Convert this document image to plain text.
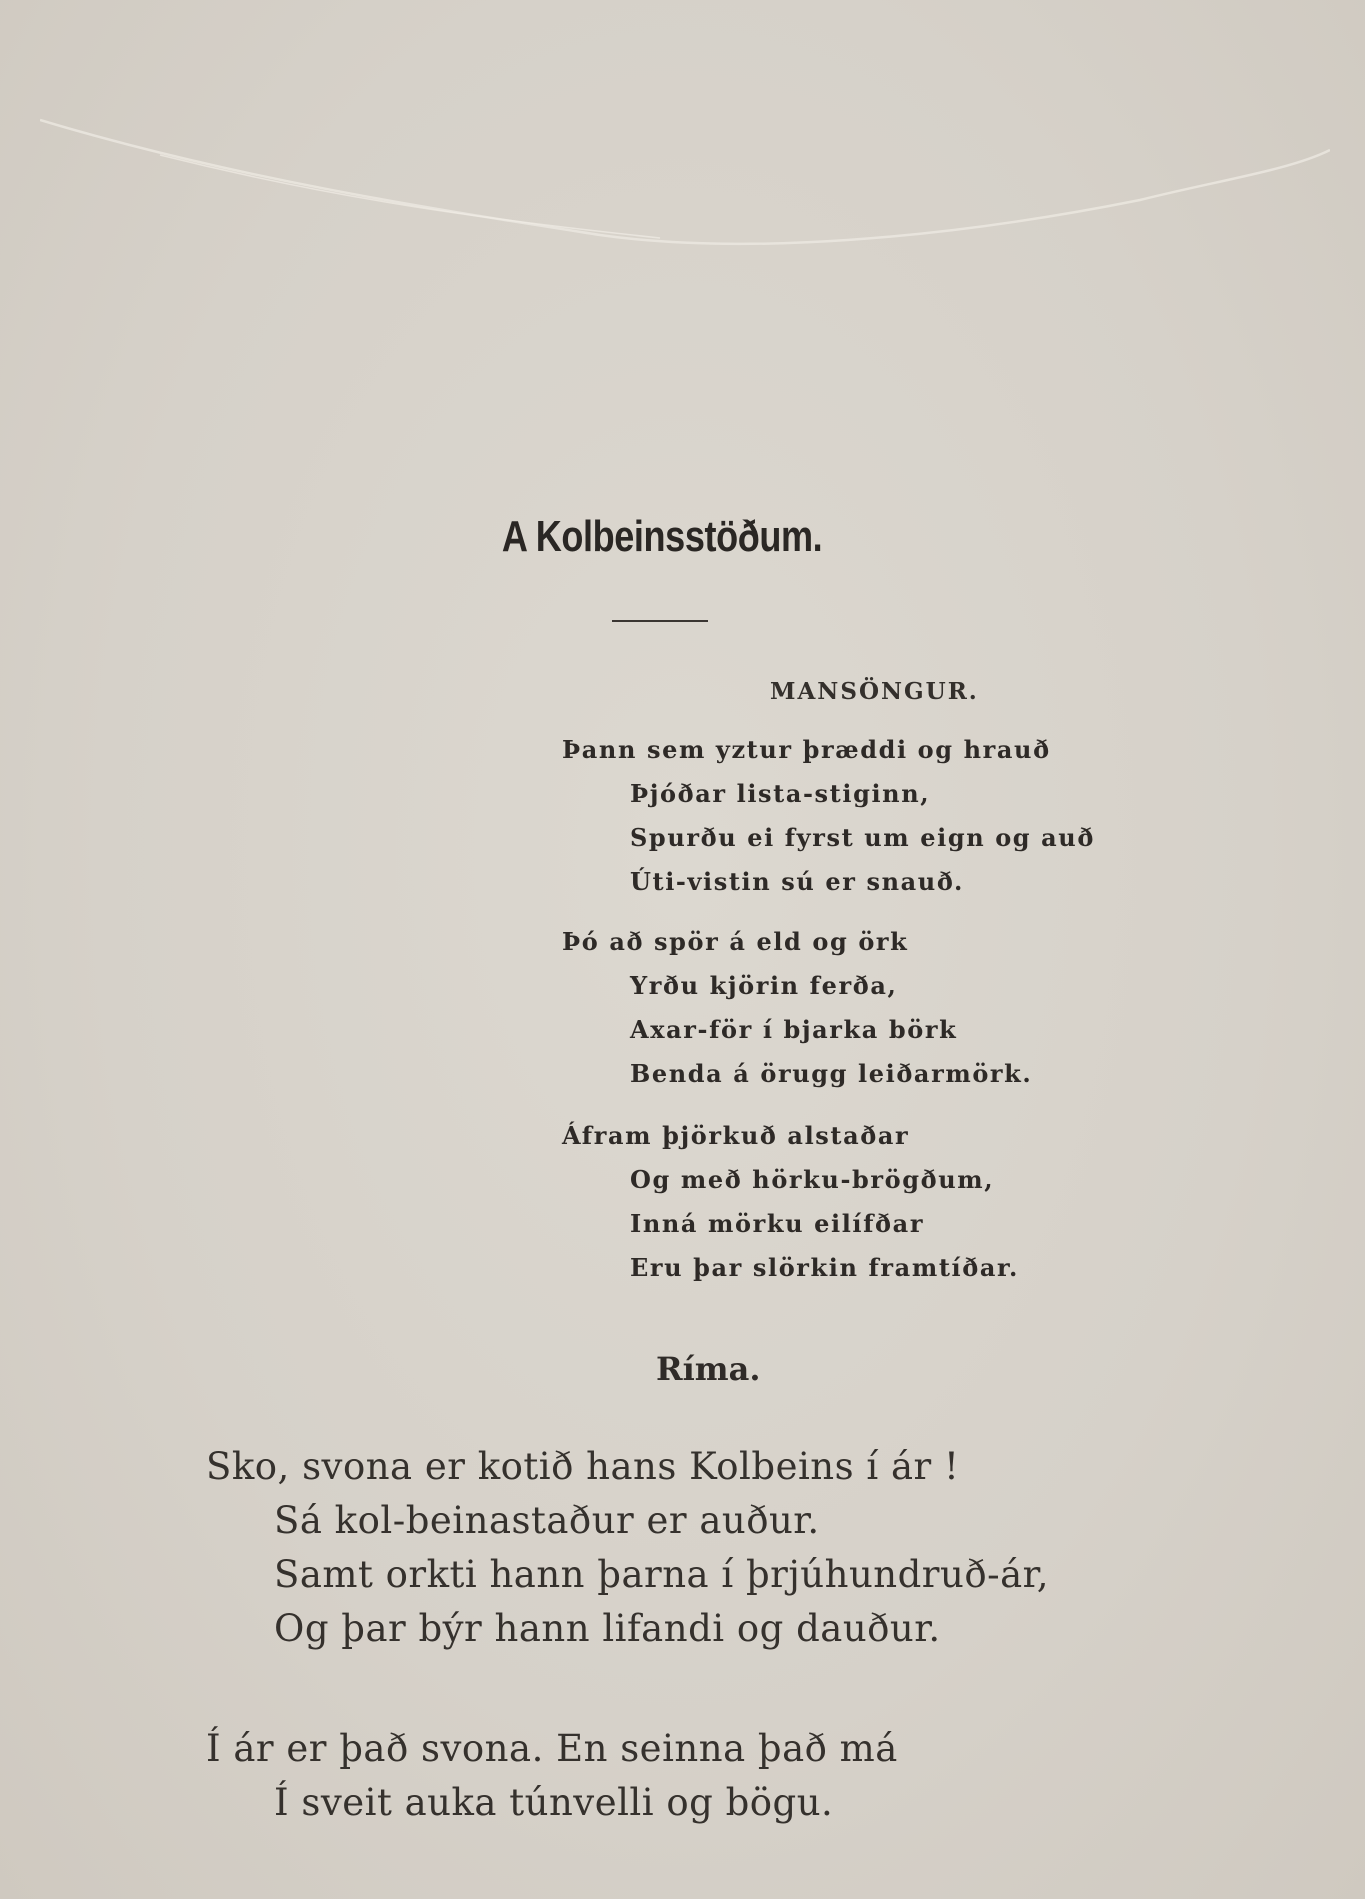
A Kolbeinsstöðum.
MANSÖNGUR.
Þann sem yztur þræddi og hrauð
Þjóðar lista-stiginn,
Spurðu ei fyrst um eign og auð
Úti-vistin sú er snauð.
Þó að spör á eld og örk
Yrðu kjörin ferða,
Axar-för í bjarka börk
Benda á örugg leiðarmörk.
Áfram þjörkuð alstaðar
Og með hörku-brögðum,
Inná mörku eilífðar
Eru þar slörkin framtíðar.
Ríma.
Sko, svona er kotið hans Kolbeins í ár !
Sá kol-beinastaður er auður.
Samt orkti hann þarna í þrjúhundruð-ár,
Og þar býr hann lifandi og dauður.
Í ár er það svona. En seinna það má
Í sveit auka túnvelli og bögu.
